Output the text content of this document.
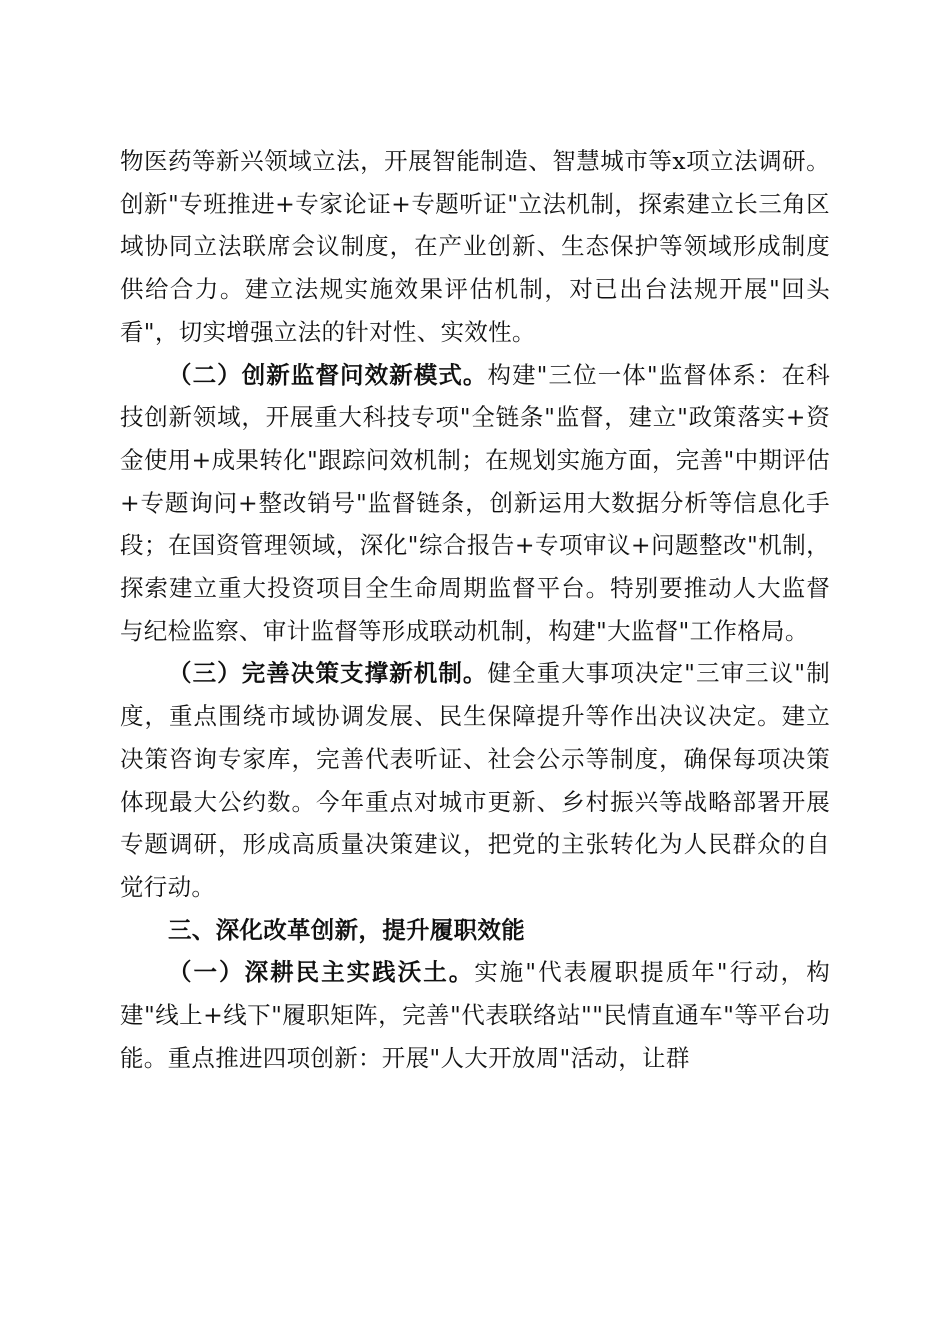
物医药等新兴领域立法，开展智能制造、智慧城市等x项立法调研。创新"专班推进+专家论证+专题听证"立法机制，探索建立长三角区域协同立法联席会议制度，在产业创新、生态保护等领域形成制度供给合力。建立法规实施效果评估机制，对已出台法规开展"回头看"，切实增强立法的针对性、实效性。

（二）创新监督问效新模式。构建"三位一体"监督体系：在科技创新领域，开展重大科技专项"全链条"监督，建立"政策落实+资金使用+成果转化"跟踪问效机制；在规划实施方面，完善"中期评估+专题询问+整改销号"监督链条，创新运用大数据分析等信息化手段；在国资管理领域，深化"综合报告+专项审议+问题整改"机制，探索建立重大投资项目全生命周期监督平台。特别要推动人大监督与纪检监察、审计监督等形成联动机制，构建"大监督"工作格局。

（三）完善决策支撑新机制。健全重大事项决定"三审三议"制度，重点围绕市域协调发展、民生保障提升等作出决议决定。建立决策咨询专家库，完善代表听证、社会公示等制度，确保每项决策体现最大公约数。今年重点对城市更新、乡村振兴等战略部署开展专题调研，形成高质量决策建议，把党的主张转化为人民群众的自觉行动。

三、深化改革创新，提升履职效能

（一）深耕民主实践沃土。实施"代表履职提质年"行动，构建"线上+线下"履职矩阵，完善"代表联络站""民情直通车"等平台功能。重点推进四项创新：开展"人大开放周"活动，让群
